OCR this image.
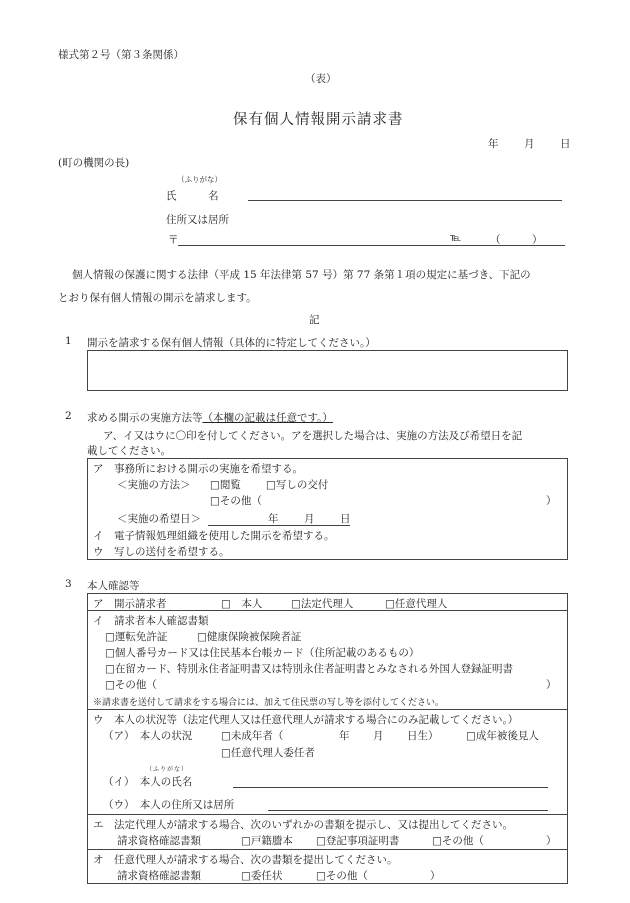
様式第２号（第３条関係）
（表）
保有個人情報開示請求書
年 月 日
(町の機関の長)
（ふりがな）
氏　　　名
住所又は居所
〒	℡	（　　　）
個人情報の保護に関する法律（平成 15 年法律第 57 号）第 77 条第１項の規定に基づき、下記の
とおり保有個人情報の開示を請求します。
記
1 開示を請求する保有個人情報（具体的に特定してください。）
2 求める開示の実施方法等（本欄の記載は任意です。）
ア、イ又はウに〇印を付してください。アを選択した場合は、実施の方法及び希望日を記
載してください。
ア　事務所における開示の実施を希望する。
＜実施の方法＞ □閲覧 □写しの交付
□その他（	）
＜実施の希望日＞	年 月 日
イ　電子情報処理組織を使用した開示を希望する。
ウ　写しの送付を希望する。
3 本人確認等
ア　開示請求者	□　本人	□法定代理人	□任意代理人
イ　請求者本人確認書類
□運転免許証	□健康保険被保険者証
□個人番号カード又は住民基本台帳カード（住所記載のあるもの）
□在留カード、特別永住者証明書又は特別永住者証明書とみなされる外国人登録証明書
□その他（	）
※請求書を送付して請求をする場合には、加えて住民票の写し等を添付してください。
ウ　本人の状況等（法定代理人又は任意代理人が請求する場合にのみ記載してください。）
（ア）　本人の状況	□未成年者（	年 月 日生）	□成年被後見人
□任意代理人委任者
（ふりがな）
（イ）　本人の氏名
（ウ）　本人の住所又は居所
エ　法定代理人が請求する場合、次のいずれかの書類を提示し、又は提出してください。
請求資格確認書類	□戸籍謄本 □登記事項証明書	□その他（	）
オ　任意代理人が請求する場合、次の書類を提出してください。
請求資格確認書類	□委任状	□その他（	）
